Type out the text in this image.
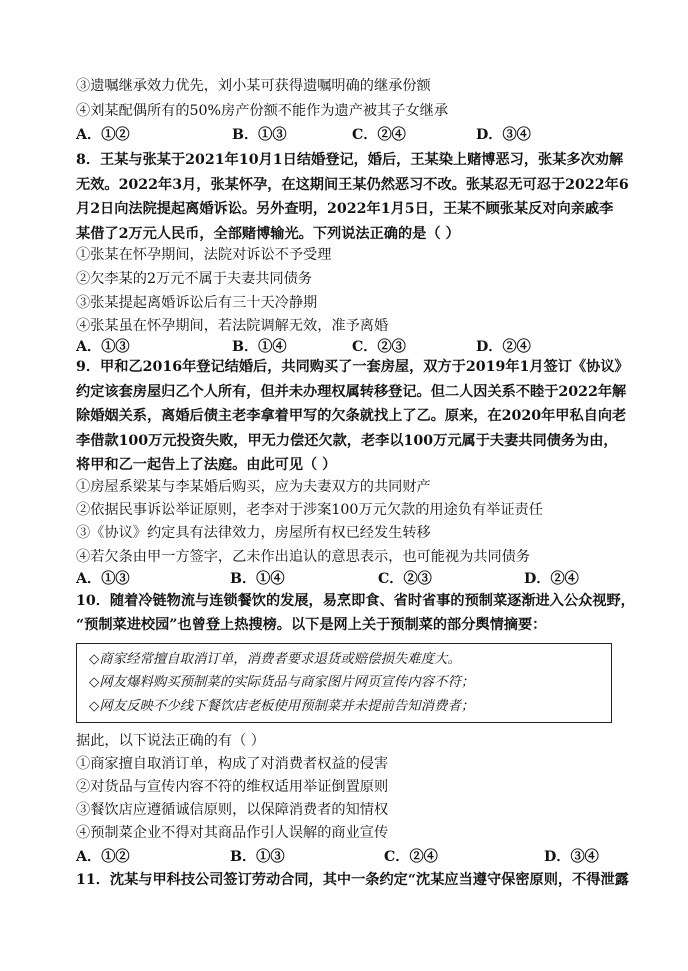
③遗嘱继承效力优先，刘小某可获得遗嘱明确的继承份额
④刘某配偶所有的50%房产份额不能作为遗产被其子女继承
A．①②	B．①③	C．②④	D．③④
8．王某与张某于2021年10月1日结婚登记，婚后，王某染上赌博恶习，张某多次劝解
无效。2022年3月，张某怀孕，在这期间王某仍然恶习不改。张某忍无可忍于2022年6
月2日向法院提起离婚诉讼。另外查明，2022年1月5日，王某不顾张某反对向亲戚李
某借了2万元人民币，全部赌博输光。下列说法正确的是（ ）
①张某在怀孕期间，法院对诉讼不予受理
②欠李某的2万元不属于夫妻共同债务
③张某提起离婚诉讼后有三十天冷静期
④张某虽在怀孕期间，若法院调解无效，准予离婚
A．①③	B．①④	C．②③	D．②④
9．甲和乙2016年登记结婚后，共同购买了一套房屋，双方于2019年1月签订《协议》
约定该套房屋归乙个人所有，但并未办理权属转移登记。但二人因关系不睦于2022年解
除婚姻关系，离婚后债主老李拿着甲写的欠条就找上了乙。原来，在2020年甲私自向老
李借款100万元投资失败，甲无力偿还欠款，老李以100万元属于夫妻共同债务为由，
将甲和乙一起告上了法庭。由此可见（ ）
①房屋系梁某与李某婚后购买，应为夫妻双方的共同财产
②依据民事诉讼举证原则，老李对于涉案100万元欠款的用途负有举证责任
③《协议》约定具有法律效力，房屋所有权已经发生转移
④若欠条由甲一方签字，乙未作出追认的意思表示，也可能视为共同债务
A．①③	B．①④	C．②③	D．②④
10．随着冷链物流与连锁餐饮的发展，易烹即食、省时省事的预制菜逐渐进入公众视野，
“预制菜进校园”也曾登上热搜榜。以下是网上关于预制菜的部分舆情摘要：
◇商家经常擅自取消订单，消费者要求退货或赔偿损失难度大。
◇网友爆料购买预制菜的实际货品与商家图片网页宣传内容不符；
◇网友反映不少线下餐饮店老板使用预制菜并未提前告知消费者；
据此，以下说法正确的有（ ）
①商家擅自取消订单，构成了对消费者权益的侵害
②对货品与宣传内容不符的维权适用举证倒置原则
③餐饮店应遵循诚信原则，以保障消费者的知情权
④预制菜企业不得对其商品作引人误解的商业宣传
A．①②	B．①③	C．②④	D．③④
11．沈某与甲科技公司签订劳动合同，其中一条约定“沈某应当遵守保密原则，不得泄露
